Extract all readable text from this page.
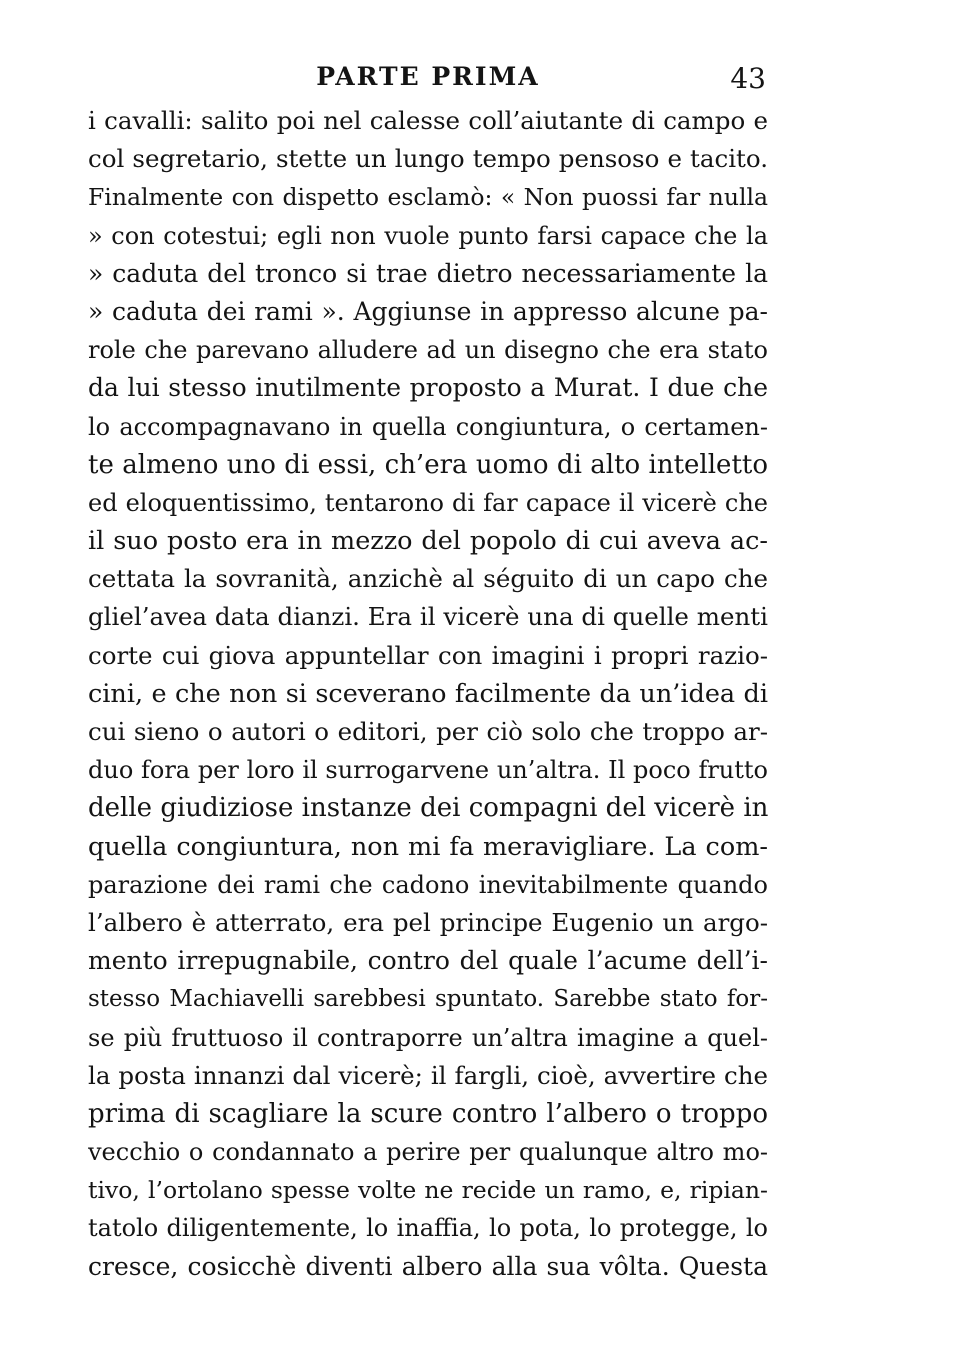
PARTE PRIMA	43
i cavalli: salito poi nel calesse coll’aiutante di campo e
col segretario, stette un lungo tempo pensoso e tacito.
Finalmente con dispetto esclamò: « Non puossi far nulla
» con cotestui; egli non vuole punto farsi capace che la
» caduta del tronco si trae dietro necessariamente la
» caduta dei rami ». Aggiunse in appresso alcune pa-
role che parevano alludere ad un disegno che era stato
da lui stesso inutilmente proposto a Murat. I due che
lo accompagnavano in quella congiuntura, o certamen-
te almeno uno di essi, ch’era uomo di alto intelletto
ed eloquentissimo, tentarono di far capace il vicerè che
il suo posto era in mezzo del popolo di cui aveva ac-
cettata la sovranità, anzichè al séguito di un capo che
gliel’avea data dianzi. Era il vicerè una di quelle menti
corte cui giova appuntellar con imagini i propri razio-
cini, e che non si sceverano facilmente da un’idea di
cui sieno o autori o editori, per ciò solo che troppo ar-
duo fora per loro il surrogarvene un’altra. Il poco frutto
delle giudiziose instanze dei compagni del vicerè in
quella congiuntura, non mi fa meravigliare. La com-
parazione dei rami che cadono inevitabilmente quando
l’albero è atterrato, era pel principe Eugenio un argo-
mento irrepugnabile, contro del quale l’acume dell’i-
stesso Machiavelli sarebbesi spuntato. Sarebbe stato for-
se più fruttuoso il contraporre un’altra imagine a quel-
la posta innanzi dal vicerè; il fargli, cioè, avvertire che
prima di scagliare la scure contro l’albero o troppo
vecchio o condannato a perire per qualunque altro mo-
tivo, l’ortolano spesse volte ne recide un ramo, e, ripian-
tatolo diligentemente, lo inaffia, lo pota, lo protegge, lo
cresce, cosicchè diventi albero alla sua vôlta. Questa
